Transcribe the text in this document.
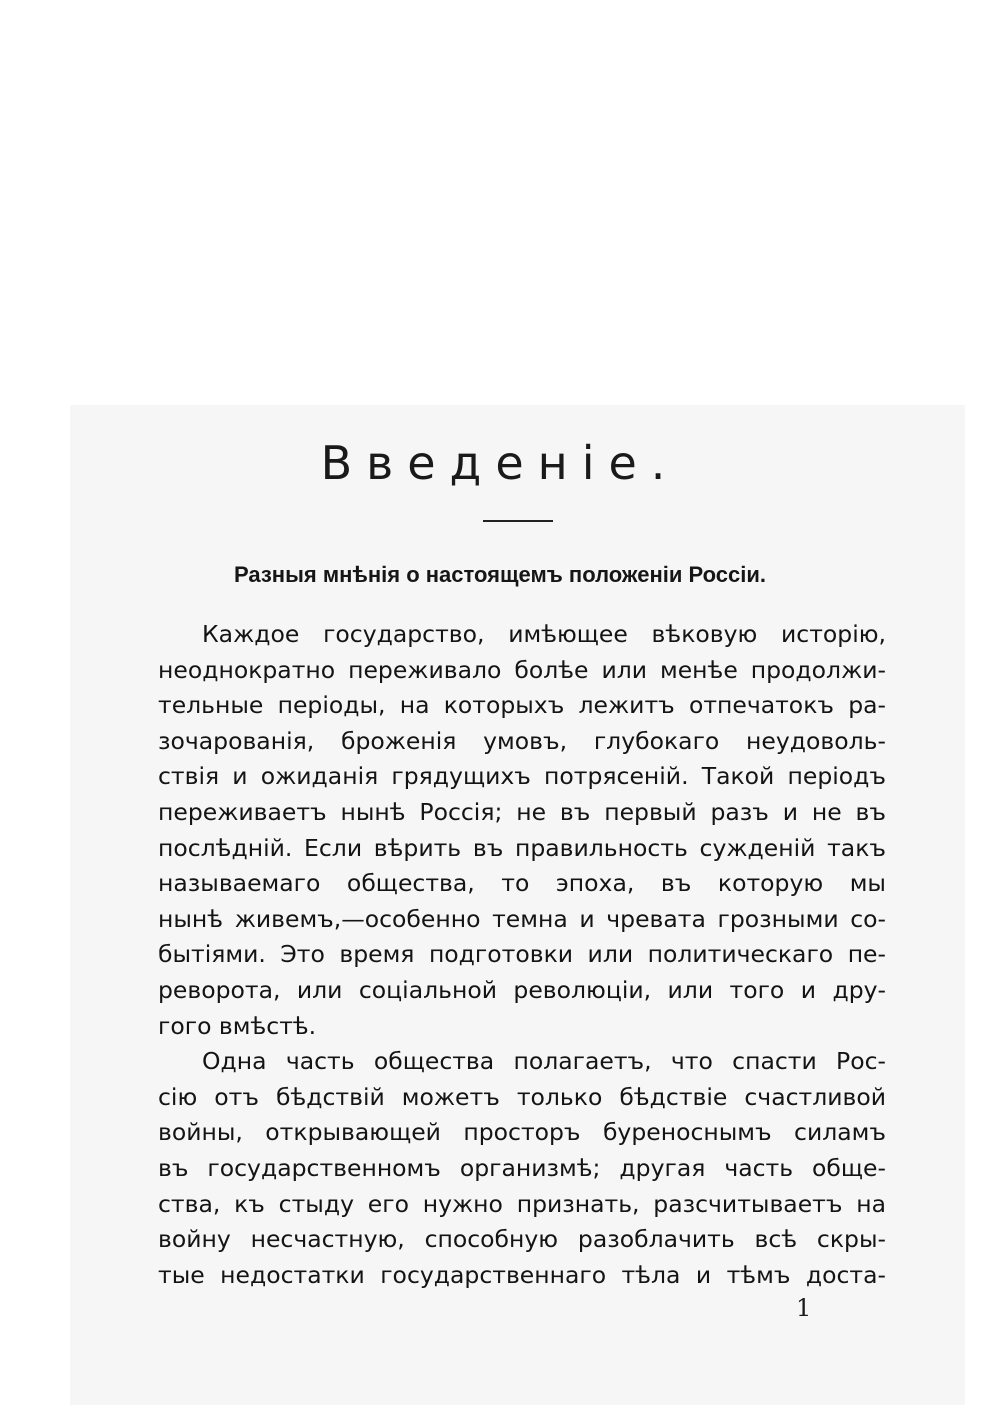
Введеніе.
Разныя мнѣнія о настоящемъ положеніи Россіи.
Каждое государство, имѣющее вѣковую исторію,
неоднократно переживало болѣе или менѣе продолжи-
тельные періоды, на которыхъ лежитъ отпечатокъ ра-
зочарованія, броженія умовъ, глубокаго неудоволь-
ствія и ожиданія грядущихъ потрясеній. Такой періодъ
переживаетъ нынѣ Россія; не въ первый разъ и не въ
послѣдній. Если вѣрить въ правильность сужденій такъ
называемаго общества, то эпоха, въ которую мы
нынѣ живемъ,—особенно темна и чревата грозными со-
бытіями. Это время подготовки или политическаго пе-
реворота, или соціальной революціи, или того и дру-
гого вмѣстѣ.
Одна часть общества полагаетъ, что спасти Рос-
сію отъ бѣдствій можетъ только бѣдствіе счастливой
войны, открывающей просторъ буреноснымъ силамъ
въ государственномъ организмѣ; другая часть обще-
ства, къ стыду его нужно признать, разсчитываетъ на
войну несчастную, способную разоблачить всѣ скры-
тые недостатки государственнаго тѣла и тѣмъ доста-
1
